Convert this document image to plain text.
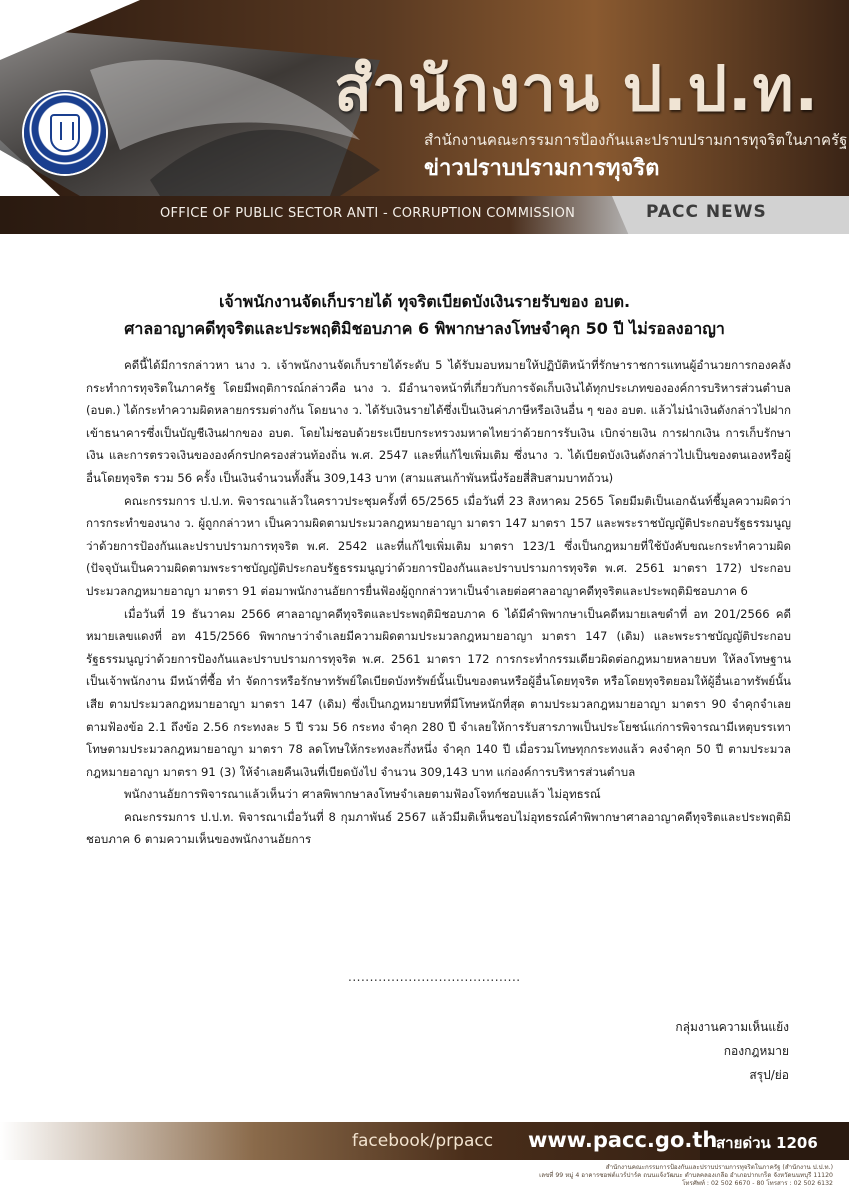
สำนักงาน ป.ป.ท.
สำนักงานคณะกรรมการป้องกันและปราบปรามการทุจริตในภาครัฐ
ข่าวปราบปรามการทุจริต
OFFICE OF PUBLIC SECTOR ANTI - CORRUPTION COMMISSION	PACC NEWS
เจ้าพนักงานจัดเก็บรายได้ ทุจริตเบียดบังเงินรายรับของ อบต.
ศาลอาญาคดีทุจริตและประพฤติมิชอบภาค 6 พิพากษาลงโทษจำคุก 50 ปี ไม่รอลงอาญา

คดีนี้ได้มีการกล่าวหา นาง ว. เจ้าพนักงานจัดเก็บรายได้ระดับ 5 ได้รับมอบหมายให้ปฏิบัติหน้าที่รักษาราชการแทนผู้อำนวยการกองคลัง กระทำการทุจริตในภาครัฐ โดยมีพฤติการณ์กล่าวคือ นาง ว. มีอำนาจหน้าที่เกี่ยวกับการจัดเก็บเงินได้ทุกประเภทขององค์การบริหารส่วนตำบล (อบต.) ได้กระทำความผิดหลายกรรมต่างกัน โดยนาง ว. ได้รับเงินรายได้ซึ่งเป็นเงินค่าภาษีหรือเงินอื่น ๆ ของ อบต. แล้วไม่นำเงินดังกล่าวไปฝากเข้าธนาคารซึ่งเป็นบัญชีเงินฝากของ อบต. โดยไม่ชอบด้วยระเบียบกระทรวงมหาดไทยว่าด้วยการรับเงิน เบิกจ่ายเงิน การฝากเงิน การเก็บรักษาเงิน และการตรวจเงินขององค์กรปกครองส่วนท้องถิ่น พ.ศ. 2547 และที่แก้ไขเพิ่มเติม ซึ่งนาง ว. ได้เบียดบังเงินดังกล่าวไปเป็นของตนเองหรือผู้อื่นโดยทุจริต รวม 56 ครั้ง เป็นเงินจำนวนทั้งสิ้น 309,143 บาท (สามแสนเก้าพันหนึ่งร้อยสี่สิบสามบาทถ้วน)

คณะกรรมการ ป.ป.ท. พิจารณาแล้วในคราวประชุมครั้งที่ 65/2565 เมื่อวันที่ 23 สิงหาคม 2565 โดยมีมติเป็นเอกฉันท์ชี้มูลความผิดว่า การกระทำของนาง ว. ผู้ถูกกล่าวหา เป็นความผิดตามประมวลกฎหมายอาญา มาตรา 147 มาตรา 157 และพระราชบัญญัติประกอบรัฐธรรมนูญว่าด้วยการป้องกันและปราบปรามการทุจริต พ.ศ. 2542 และที่แก้ไขเพิ่มเติม มาตรา 123/1 ซึ่งเป็นกฎหมายที่ใช้บังคับขณะกระทำความผิด (ปัจจุบันเป็นความผิดตามพระราชบัญญัติประกอบรัฐธรรมนูญว่าด้วยการป้องกันและปราบปรามการทุจริต พ.ศ. 2561 มาตรา 172) ประกอบประมวลกฎหมายอาญา มาตรา 91 ต่อมาพนักงานอัยการยื่นฟ้องผู้ถูกกล่าวหาเป็นจำเลยต่อศาลอาญาคดีทุจริตและประพฤติมิชอบภาค 6

เมื่อวันที่ 19 ธันวาคม 2566 ศาลอาญาคดีทุจริตและประพฤติมิชอบภาค 6 ได้มีคำพิพากษาเป็นคดีหมายเลขดำที่ อท 201/2566 คดีหมายเลขแดงที่ อท 415/2566 พิพากษาว่าจำเลยมีความผิดตามประมวลกฎหมายอาญา มาตรา 147 (เดิม) และพระราชบัญญัติประกอบรัฐธรรมนูญว่าด้วยการป้องกันและปราบปรามการทุจริต พ.ศ. 2561 มาตรา 172 การกระทำกรรมเดียวผิดต่อกฎหมายหลายบท ให้ลงโทษฐานเป็นเจ้าพนักงาน มีหน้าที่ซื้อ ทำ จัดการหรือรักษาทรัพย์ใดเบียดบังทรัพย์นั้นเป็นของตนหรือผู้อื่นโดยทุจริต หรือโดยทุจริตยอมให้ผู้อื่นเอาทรัพย์นั้นเสีย ตามประมวลกฎหมายอาญา มาตรา 147 (เดิม) ซึ่งเป็นกฎหมายบทที่มีโทษหนักที่สุด ตามประมวลกฎหมายอาญา มาตรา 90 จำคุกจำเลยตามฟ้องข้อ 2.1 ถึงข้อ 2.56 กระทงละ 5 ปี รวม 56 กระทง จำคุก 280 ปี จำเลยให้การรับสารภาพเป็นประโยชน์แก่การพิจารณามีเหตุบรรเทาโทษตามประมวลกฎหมายอาญา มาตรา 78 ลดโทษให้กระทงละกึ่งหนึ่ง จำคุก 140 ปี เมื่อรวมโทษทุกกระทงแล้ว คงจำคุก 50 ปี ตามประมวลกฎหมายอาญา มาตรา 91 (3) ให้จำเลยคืนเงินที่เบียดบังไป จำนวน 309,143 บาท แก่องค์การบริหารส่วนตำบล

พนักงานอัยการพิจารณาแล้วเห็นว่า ศาลพิพากษาลงโทษจำเลยตามฟ้องโจทก์ชอบแล้ว ไม่อุทธรณ์

คณะกรรมการ ป.ป.ท. พิจารณาเมื่อวันที่ 8 กุมภาพันธ์ 2567 แล้วมีมติเห็นชอบไม่อุทธรณ์คำพิพากษาศาลอาญาคดีทุจริตและประพฤติมิชอบภาค 6 ตามความเห็นของพนักงานอัยการ

........................................
กลุ่มงานความเห็นแย้ง
กองกฎหมาย
สรุป/ย่อ
facebook/prpacc www.pacc.go.th
สายด่วน 1206
สำนักงานคณะกรรมการป้องกันและปราบปรามการทุจริตในภาครัฐ (สำนักงาน ป.ป.ท.)
เลขที่ 99 หมู่ 4 อาคารซอฟต์แวร์ปาร์ค ถนนแจ้งวัฒนะ ตำบลคลองเกลือ อำเภอปากเกร็ด จังหวัดนนทบุรี 11120
โทรศัพท์ : 02 502 6670 - 80 โทรสาร : 02 502 6132
